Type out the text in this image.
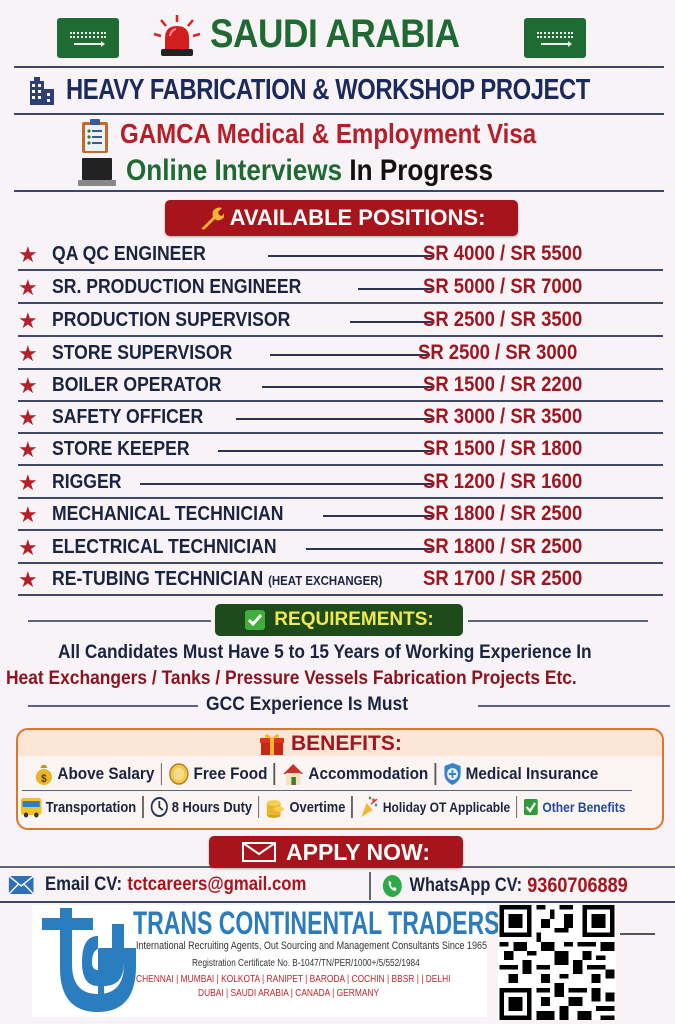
SAUDI ARABIA
HEAVY FABRICATION & WORKSHOP PROJECT
GAMCA Medical & Employment Visa
Online Interviews In Progress
AVAILABLE POSITIONS:
★ QA QC ENGINEER	SR 4000 / SR 5500
★ SR. PRODUCTION ENGINEER	SR 5000 / SR 7000
★ PRODUCTION SUPERVISOR	SR 2500 / SR 3500
★ STORE SUPERVISOR	SR 2500 / SR 3000
★ BOILER OPERATOR	SR 1500 / SR 2200
★ SAFETY OFFICER	SR 3000 / SR 3500
★ STORE KEEPER	SR 1500 / SR 1800
★ RIGGER	SR 1200 / SR 1600
★ MECHANICAL TECHNICIAN	SR 1800 / SR 2500
★ ELECTRICAL TECHNICIAN	SR 1800 / SR 2500
★ RE-TUBING TECHNICIAN (HEAT EXCHANGER) SR 1700 / SR 2500
REQUIREMENTS:
All Candidates Must Have 5 to 15 Years of Working Experience In
Heat Exchangers / Tanks / Pressure Vessels Fabrication Projects Etc.
GCC Experience Is Must
BENEFITS:
$ Above Salary Free Food Accommodation Medical Insurance
Transportation 8 Hours Duty Overtime	Holiday OT Applicable Other Benefits
APPLY NOW:
Email CV: tctcareers@gmail.com	WhatsApp CV: 9360706889
TRANS CONTINENTAL TRADERS
International Recruiting Agents, Out Sourcing and Management Consultants Since 1965
Registration Certificate No. B-1047/TN/PER/1000+/5/552/1984
CHENNAI | MUMBAI | KOLKOTA | RANIPET | BARODA | COCHIN | BBSR | | DELHI
DUBAI | SAUDI ARABIA | CANADA | GERMANY
